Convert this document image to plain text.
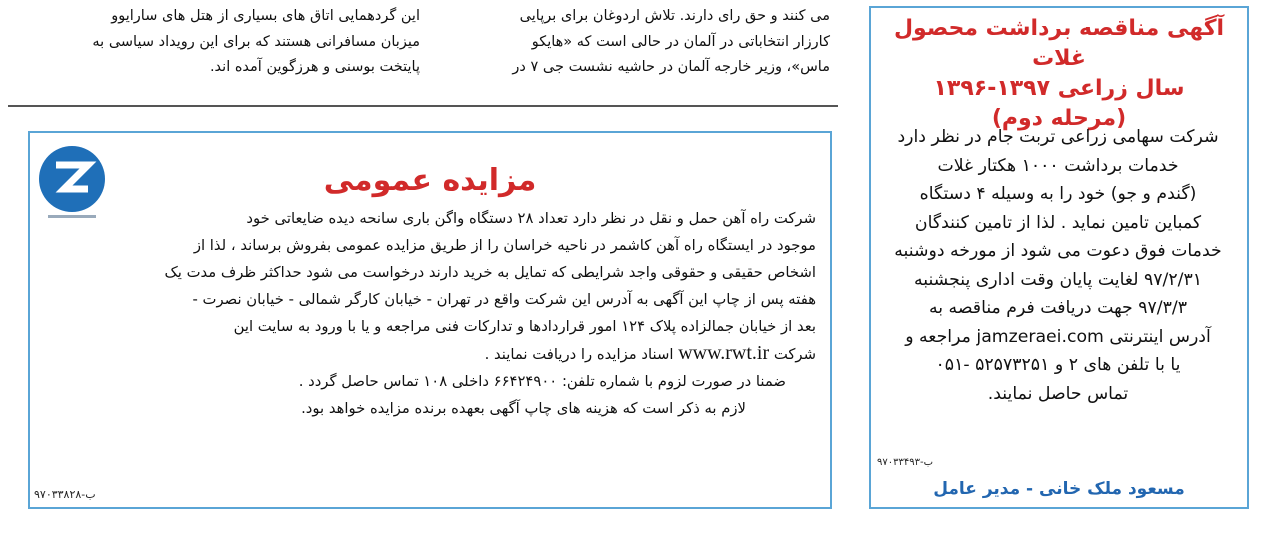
می کنند و حق رای دارند. تلاش اردوغان برای برپایی

کارزار انتخاباتی در آلمان در حالی است که «هایکو

ماس»، وزیر خارجه آلمان در حاشیه نشست جی ۷ در

این گردهمایی اتاق های بسیاری از هتل های سارایوو

میزبان مسافرانی هستند که برای این رویداد سیاسی به

پایتخت بوسنی و هرزگوین آمده اند.

مزایده عمومی
شرکت راه آهن حمل و نقل در نظر دارد تعداد ۲۸ دستگاه واگن باری سانحه دیده ضایعاتی خود
موجود در ایستگاه راه آهن کاشمر در ناحیه خراسان را از طریق مزایده عمومی بفروش برساند ، لذا از
اشخاص حقیقی و حقوقی واجد شرایطی که تمایل به خرید دارند درخواست می شود حداکثر ظرف مدت یک
هفته پس از چاپ این آگهی به آدرس این شرکت واقع در تهران - خیابان کارگر شمالی - خیابان نصرت -
بعد از خیابان جمالزاده پلاک ۱۲۴ امور قراردادها و تدارکات فنی مراجعه و یا با ورود به سایت این
شرکت www.rwt.ir اسناد مزایده را دریافت نمایند .
ضمنا در صورت لزوم با شماره تلفن: ۶۶۴۲۴۹۰۰ داخلی ۱۰۸ تماس حاصل گردد .
لازم به ذکر است که هزینه های چاپ آگهی بعهده برنده مزایده خواهد بود.
۹۷۰۳۳۸۲۸-ب
آگهی مناقصه برداشت محصول غلات
سال زراعی ۱۳۹۷-۱۳۹۶
(مرحله دوم)
شرکت سهامی زراعی تربت جام در نظر دارد
خدمات برداشت ۱۰۰۰ هکتار غلات
(گندم و جو) خود را به وسیله ۴ دستگاه
کمباین تامین نماید . لذا از تامین کنندگان
خدمات فوق دعوت می شود از مورخه دوشنبه
۹۷/۲/۳۱ لغایت پایان وقت اداری پنجشنبه
۹۷/۳/۳ جهت دریافت فرم مناقصه به
آدرس اینترنتی jamzeraei.com مراجعه و
یا با تلفن های ۲ و ۵۲۵۷۳۲۵۱ -۰۵۱
تماس حاصل نمایند.
۹۷۰۳۳۴۹۳-ب
مسعود ملک خانی - مدیر عامل
